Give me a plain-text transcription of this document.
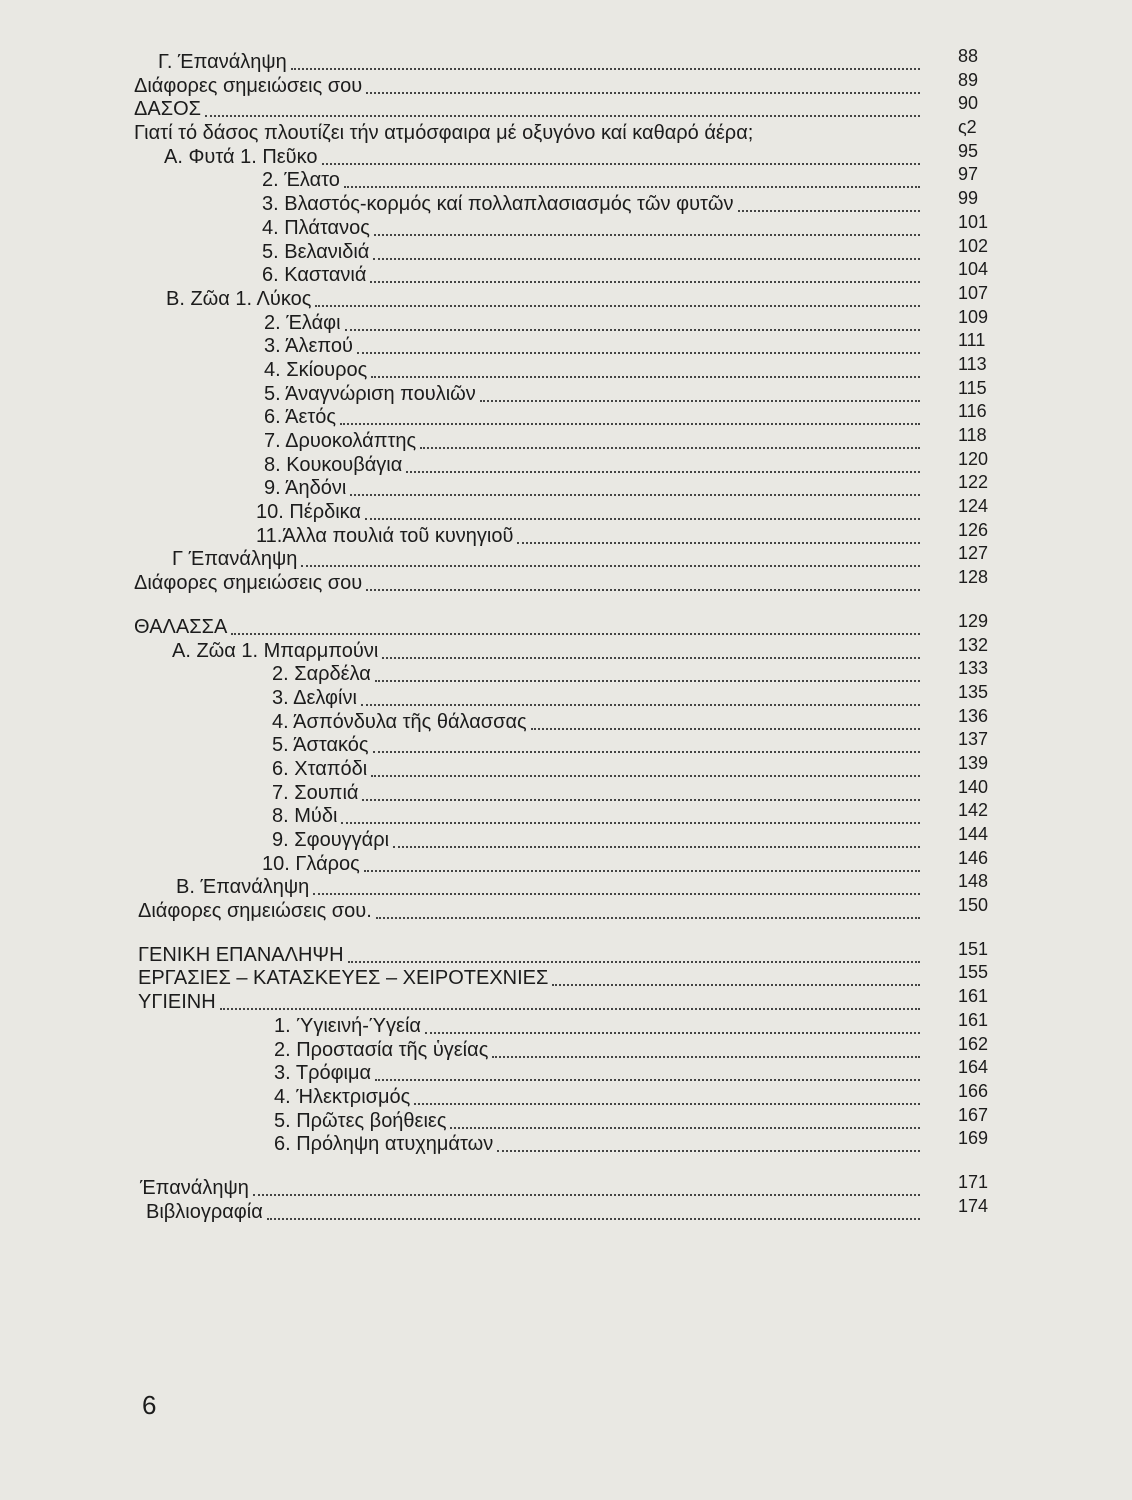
Γ. Έπανάληψη	88
Διάφορες σημειώσεις σου	89
ΔΑΣΟΣ	90
Γιατί τό δάσος πλουτίζει τήν ατμόσφαιρα μέ οξυγόνο καί καθαρό άέρα;	ς2
Α. Φυτά 1. Πεῦκο	95
2. Έλατο	97
3. Βλαστός-κορμός καί πολλαπλασιασμός τῶν φυτῶν	99
4. Πλάτανος	101
5. Βελανιδιά	102
6. Καστανιά	104
Β. Ζῶα 1. Λύκος	107
2. Έλάφι	109
3. Άλεπού	111
4. Σκίουρος	113
5. Άναγνώριση πουλιῶν	115
6. Άετός	116
7. Δρυοκολάπτης	118
8. Κουκουβάγια	120
9. Άηδόνι	122
10. Πέρδικα	124
11.Άλλα πουλιά τοῦ κυνηγιοῦ	126
Γ Έπανάληψη	127
Διάφορες σημειώσεις σου	128
ΘΑΛΑΣΣΑ	129
Α. Ζῶα 1. Μπαρμπούνι	132
2. Σαρδέλα	133
3. Δελφίνι	135
4. Άσπόνδυλα τῆς θάλασσας	136
5. Άστακός	137
6. Χταπόδι	139
7. Σουπιά	140
8. Μύδι	142
9. Σφουγγάρι	144
10. Γλάρος	146
Β. Έπανάληψη	148
Διάφορες σημειώσεις σου.	150
ΓΕΝΙΚΗ ΕΠΑΝΑΛΗΨΗ	151
ΕΡΓΑΣΙΕΣ – ΚΑΤΑΣΚΕΥΕΣ – ΧΕΙΡΟΤΕΧΝΙΕΣ	155
ΥΓΙΕΙΝΗ	161
1. Ύγιεινή-Ύγεία	161
2. Προστασία τῆς ὑγείας	162
3. Τρόφιμα	164
4. Ήλεκτρισμός	166
5. Πρῶτες βοήθειες	167
6. Πρόληψη ατυχημάτων	169
Έπανάληψη	171
Βιβλιογραφία	174
6
